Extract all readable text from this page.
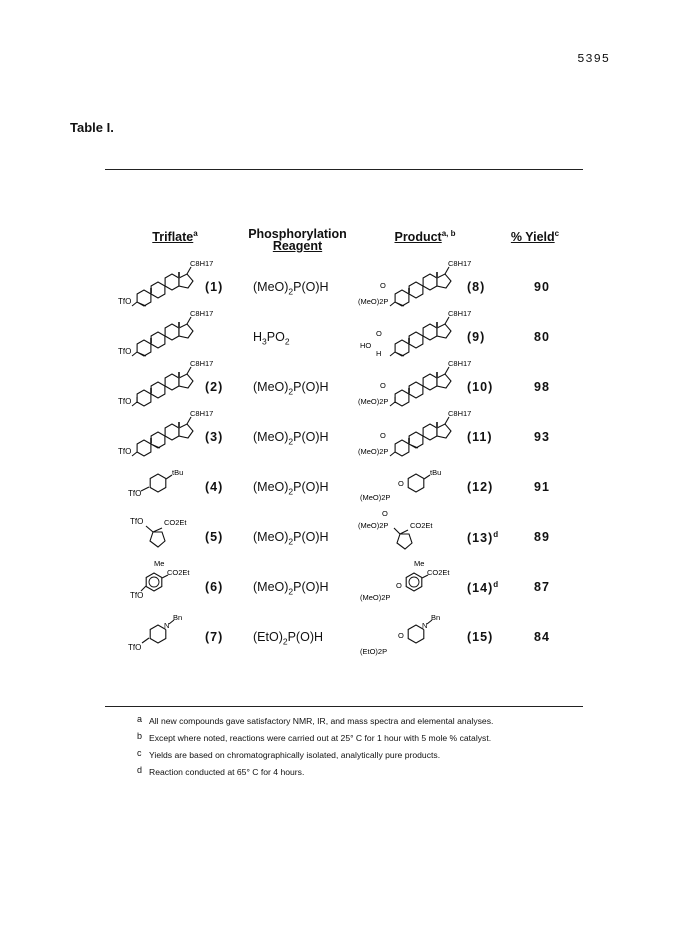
5395
Table I.
Triflate$^a$	Phosphorylation
Reagent
Product$^{a, b}$	% Yield$^c$
C8H17
TfO
(1) $(MeO)_2P(O)H$
C8H17
O
(MeO)2P
(8)	90
C8H17
TfO
$H_3PO_2$
C8H17
O
HO
H
(9)	80
C8H17
TfO
(2) $(MeO)_2P(O)H$
C8H17
O
(MeO)2P
(10)	98
C8H17
TfO
(3) $(MeO)_2P(O)H$
C8H17
O
(MeO)2P
(11)	93
tBu
TfO	(4) $(MeO)_2P(O)H$
tBu
O
(MeO)2P
(12)	91
TfO	CO2Et
(5) $(MeO)_2P(O)H$
O
(MeO)2P	CO2Et
$(13)^d$	89
Me
CO2Et
TfO
(6) $(MeO)_2P(O)H$
Me
CO2Et
O
(MeO)2P
$(14)^d$	87
N
Bn
TfO
(7) $(EtO)_2P(O)H$
N
Bn
O
(EtO)2P
(15)	84
a All new compounds gave satisfactory NMR, IR, and mass spectra and elemental analyses.
b Except where noted, reactions were carried out at 25° C for 1 hour with 5 mole % catalyst.
c Yields are based on chromatographically isolated, analytically pure products.
d Reaction conducted at 65° C for 4 hours.
